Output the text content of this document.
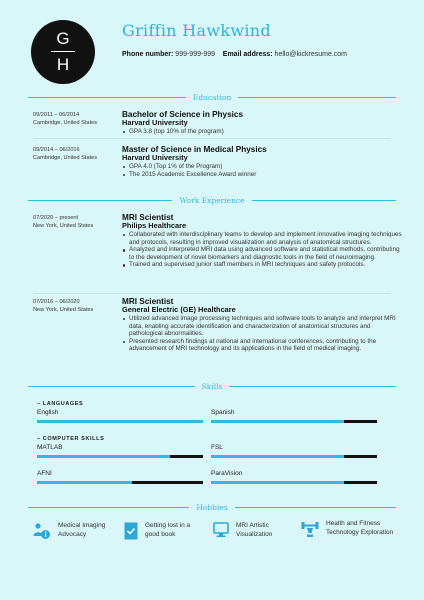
G
H
Griffin Hawkwind
Phone number: 999-999-999 Email address: hello@kickresume.com
Education
09/2011 – 06/2014
Cambridge, United States
Bachelor of Science in Physics
Harvard University
GPA 3.8 (top 10% of the program)
09/2014 – 06/2016
Cambridge, United States
Master of Science in Medical Physics
Harvard University
GPA 4.0 (Top 1% of the Program)
The 2015 Academic Excellence Award winner
Work Experience
07/2020 – present
New York, United States
MRI Scientist
Philips Healthcare
Collaborated with interdisciplinary teams to develop and implement innovative imaging techniques and protocols, resulting in improved visualization and analysis of anatomical structures.
Analyzed and interpreted MRI data using advanced software and statistical methods, contributing to the development of novel biomarkers and diagnostic tools in the field of neuroimaging.
Trained and supervised junior staff members in MRI techniques and safety protocols.
07/2016 – 06/2020
New York, United States
MRI Scientist
General Electric (GE) Healthcare
Utilized advanced image processing techniques and software tools to analyze and interpret MRI data, enabling accurate identification and characterization of anatomical structures and pathological abnormalities.
Presented research findings at national and international conferences, contributing to the advancement of MRI technology and its applications in the field of medical imaging.
Skills
– LANGUAGES
English	Spanish
– COMPUTER SKILLS
MATLAB	FSL
AFNI	ParaVision
Hobbies
Medical Imaging Advocacy
Getting lost in a good book
MRI Artistic Visualization
Health and Fitness Technology Exploration
